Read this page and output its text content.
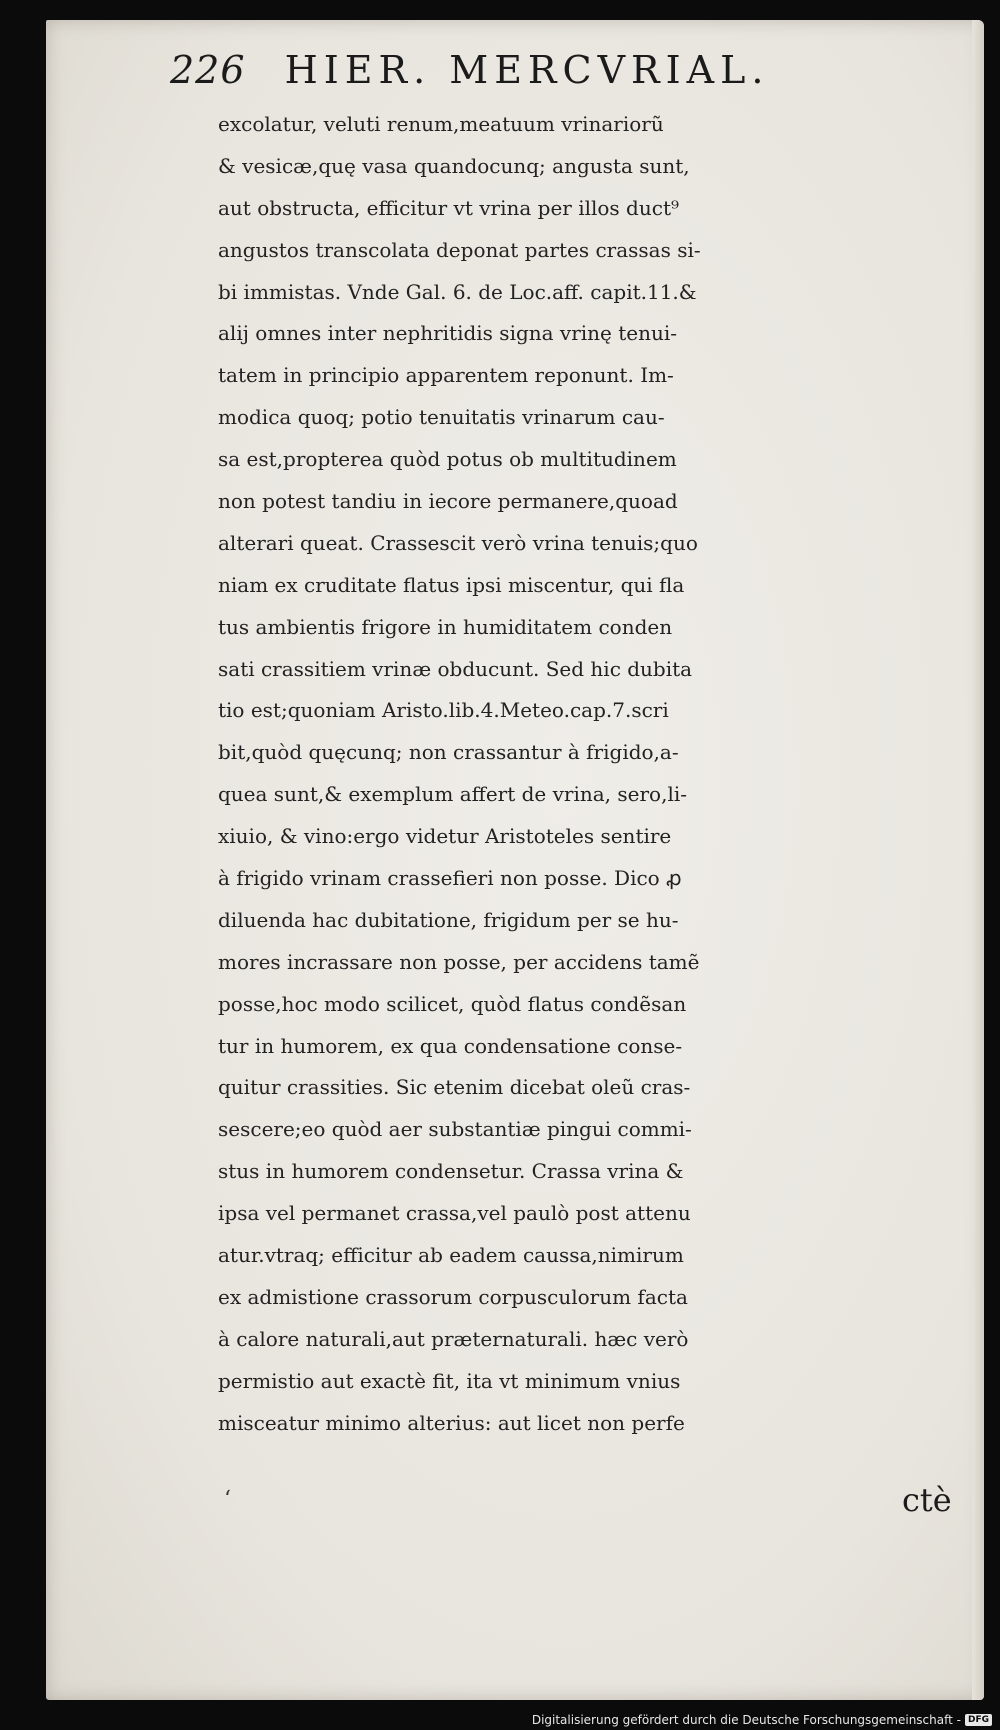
226 HIER. MERCVRIAL.
excolatur, veluti renum,meatuum vrinariorũ
& vesicæ,quę vasa quandocunq; angusta sunt,
aut obstructa, efficitur vt vrina per illos duct⁹
angustos transcolata deponat partes crassas si-
bi immistas. Vnde Gal. 6. de Loc.aff. capit.11.&
alij omnes inter nephritidis signa vrinę tenui-
tatem in principio apparentem reponunt. Im-
modica quoq; potio tenuitatis vrinarum cau-
sa est,propterea quòd potus ob multitudinem
non potest tandiu in iecore permanere,quoad
alterari queat. Crassescit verò vrina tenuis;quo
niam ex cruditate flatus ipsi miscentur, qui fla
tus ambientis frigore in humiditatem conden
sati crassitiem vrinæ obducunt. Sed hic dubita
tio est;quoniam Aristo.lib.4.Meteo.cap.7.scri
bit,quòd quęcunq; non crassantur à frigido,a-
quea sunt,& exemplum affert de vrina, sero,li-
xiuio, & vino:ergo videtur Aristoteles sentire
à frigido vrinam crassefieri non posse. Dico ꝓ
diluenda hac dubitatione, frigidum per se hu-
mores incrassare non posse, per accidens tamẽ
posse,hoc modo scilicet, quòd flatus condẽsan
tur in humorem, ex qua condensatione conse-
quitur crassities. Sic etenim dicebat oleũ cras-
sescere;eo quòd aer substantiæ pingui commi-
stus in humorem condensetur. Crassa vrina &
ipsa vel permanet crassa,vel paulò post attenu
atur.vtraq; efficitur ab eadem caussa,nimirum
ex admistione crassorum corpusculorum facta
à calore naturali,aut præternaturali. hæc verò
permistio aut exactè fit, ita vt minimum vnius
misceatur minimo alterius: aut licet non perfe
ʻ	ctè
Digitalisierung gefördert durch die Deutsche Forschungsgemeinschaft - DFG
